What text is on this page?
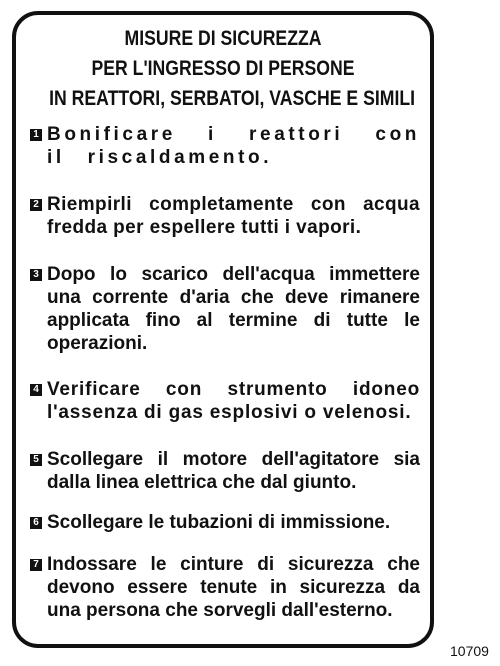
MISURE DI SICUREZZA
PER L'INGRESSO DI PERSONE
IN REATTORI, SERBATOI, VASCHE E SIMILI
1 Bonificare i reattori con il riscaldamento.
2 Riempirli completamente con acqua fredda per espellere tutti i vapori.
3 Dopo lo scarico dell'acqua immettere una corrente d'aria che deve rimanere applicata fino al termine di tutte le operazioni.
4 Verificare con strumento idoneo l'assenza di gas esplosivi o velenosi.
5 Scollegare il motore dell'agitatore sia dalla linea elettrica che dal giunto.
6 Scollegare le tubazioni di immissione.
7 Indossare le cinture di sicurezza che devono essere tenute in sicurezza da una persona che sorvegli dall'esterno.
10709
